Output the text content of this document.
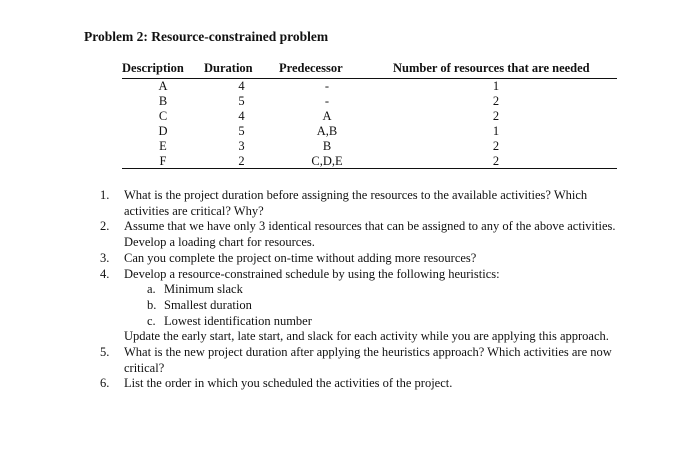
Problem 2: Resource-constrained problem
Description	Duration	Predecessor	Number of resources that are needed
A	4	-	1
B	5	-	2
C	4	A	2
D	5	A,B	1
E	3	B	2
F	2	C,D,E	2
1. What is the project duration before assigning the resources to the available activities? Which activities are critical? Why?
2. Assume that we have only 3 identical resources that can be assigned to any of the above activities. Develop a loading chart for resources.
3. Can you complete the project on-time without adding more resources?
4. Develop a resource-constrained schedule by using the following heuristics:
a. Minimum slack
b. Smallest duration
c. Lowest identification number
Update the early start, late start, and slack for each activity while you are applying this approach.
5. What is the new project duration after applying the heuristics approach? Which activities are now critical?
6. List the order in which you scheduled the activities of the project.
